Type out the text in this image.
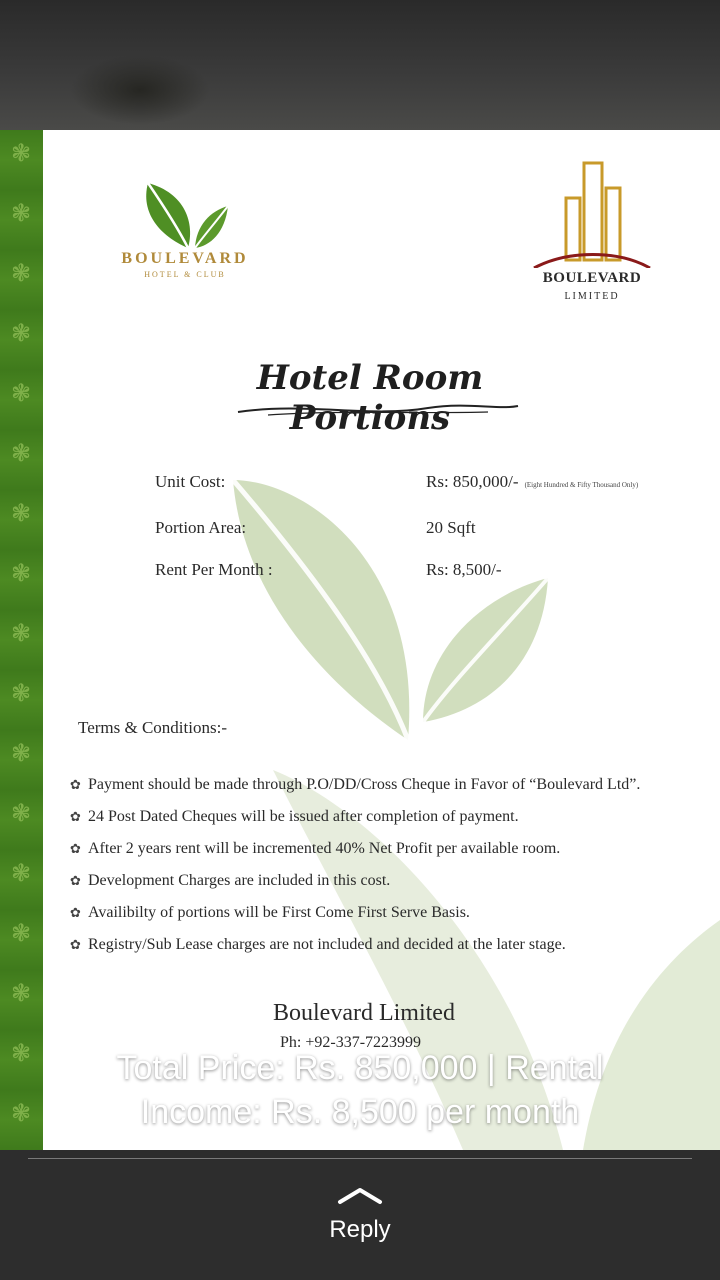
❃
❃
❃
❃
❃
❃
❃
❃
❃
❃
❃
❃
❃
❃
❃
❃
❃
BOULEVARD
HOTEL & CLUB	BOULEVARD
LIMITED
Hotel Room Portions
Unit Cost:	Rs: 850,000/- (Eight Hundred & Fifty Thousand Only)
Portion Area:	20 Sqft
Rent Per Month :	Rs: 8,500/-
Terms & Conditions:-
✿ Payment should be made through P.O/DD/Cross Cheque in Favor of “Boulevard Ltd”.
✿ 24 Post Dated Cheques will be issued after completion of payment.
✿ After 2 years rent will be incremented 40% Net Profit per available room.
✿ Development Charges are included in this cost.
✿ Availibilty of portions will be First Come First Serve Basis.
✿ Registry/Sub Lease charges are not included and decided at the later stage.
Boulevard Limited
Ph: +92-337-7223999
Total Price: Rs. 850,000 | Rental
Income: Rs. 8,500 per month
Reply
